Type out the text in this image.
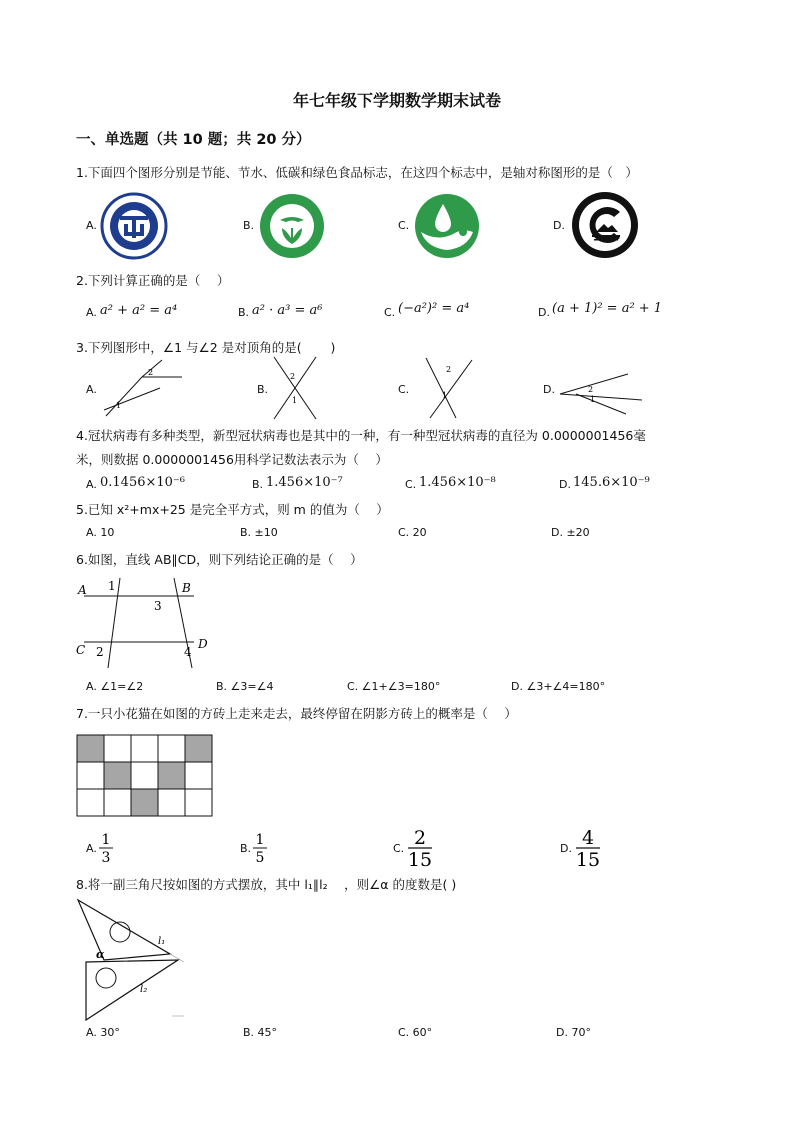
年七年级下学期数学期末试卷
一、单选题（共 10 题；共 20 分）
1.下面四个图形分别是节能、节水、低碳和绿色食品标志，在这四个标志中，是轴对称图形的是（　）
A.	B.	C.	D.
2.下列计算正确的是（　 ）
A. a² + a² = a⁴	B. a² · a³ = a⁶	C. (−a²)² = a⁴	D. (a + 1)² = a² + 1
3.下列图形中，∠1 与∠2 是对顶角的是(　 　)
A.
2
1
B.
2
1
C.
2
1	D.	2
1
4.冠状病毒有多种类型，新型冠状病毒也是其中的一种，有一种型冠状病毒的直径为 0.0000001456毫
米，则数据 0.0000001456用科学记数法表示为（　 ）
A. 0.1456×10⁻⁶	B. 1.456×10⁻⁷	C. 1.456×10⁻⁸	D. 145.6×10⁻⁹
5.已知 x²+mx+25 是完全平方式，则 m 的值为（　 ）
A. 10	B. ±10	C. 20	D. ±20
6.如图，直线 AB∥CD，则下列结论正确的是（　 ）
A	B
C	D
1
3
2	4
A. ∠1=∠2	B. ∠3=∠4	C. ∠1+∠3=180°	D. ∠3+∠4=180°
7.一只小花猫在如图的方砖上走来走去，最终停留在阴影方砖上的概率是（　 ）
A.
1
3
B.
1
5
C. 2
15
D. 4
15
8.将一副三角尺按如图的方式摆放，其中 l₁∥l₂　 ，则∠α 的度数是( )
α
l₁
l₂
A. 30°	B. 45°	C. 60°	D. 70°
